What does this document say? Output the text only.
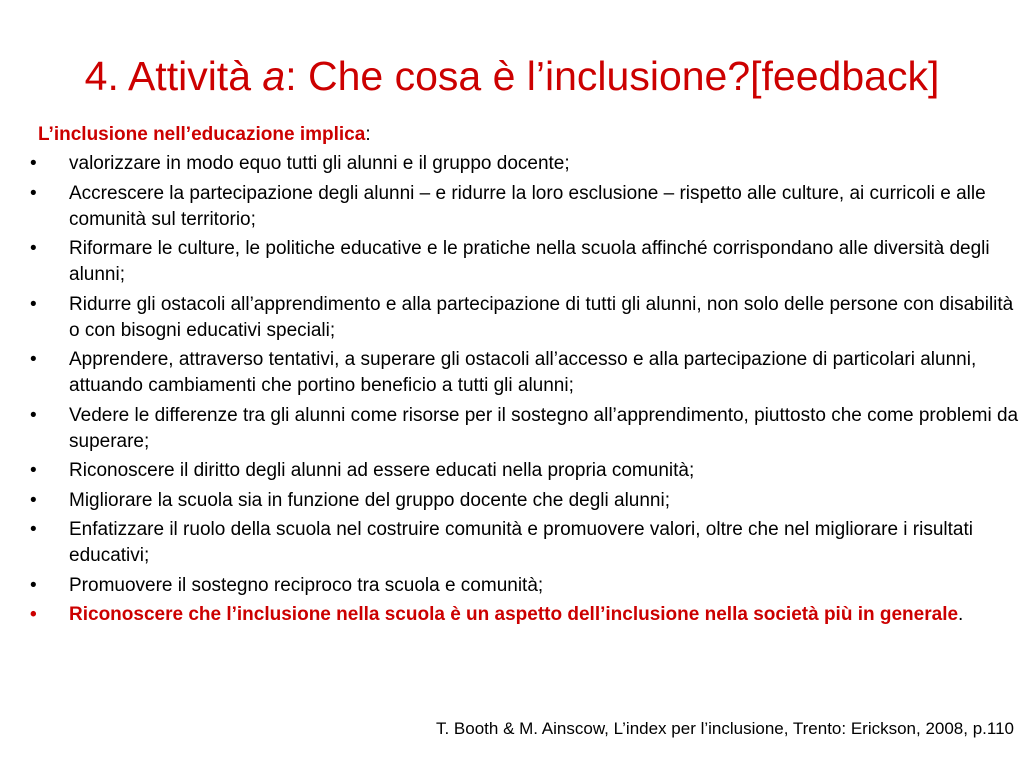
4. Attività a: Che cosa è l’inclusione?[feedback]
L’inclusione nell’educazione implica:
•	valorizzare in modo equo tutti gli alunni e il gruppo docente;
•	Accrescere la partecipazione degli alunni – e ridurre la loro esclusione – rispetto alle culture, ai curricoli e alle comunità sul territorio;
•	Riformare le culture, le politiche educative e le pratiche nella scuola affinché corrispondano alle diversità degli alunni;
•	Ridurre gli ostacoli all’apprendimento e alla partecipazione di tutti gli alunni, non solo delle persone con disabilità o con bisogni educativi speciali;
•	Apprendere, attraverso tentativi, a superare gli ostacoli all’accesso e alla partecipazione di particolari alunni, attuando cambiamenti che portino beneficio a tutti gli alunni;
•	Vedere le differenze tra gli alunni come risorse per il sostegno all’apprendimento, piuttosto che come problemi da superare;
•	Riconoscere il diritto degli alunni ad essere educati nella propria comunità;
•	Migliorare la scuola sia in funzione del gruppo docente che degli alunni;
•	Enfatizzare il ruolo della scuola nel costruire comunità e promuovere valori, oltre che nel migliorare i risultati educativi;
•	Promuovere il sostegno reciproco tra scuola e comunità;
•	Riconoscere che l’inclusione nella scuola è un aspetto dell’inclusione nella società più in generale.
T. Booth & M. Ainscow, L’index per l’inclusione, Trento: Erickson, 2008, p.110
